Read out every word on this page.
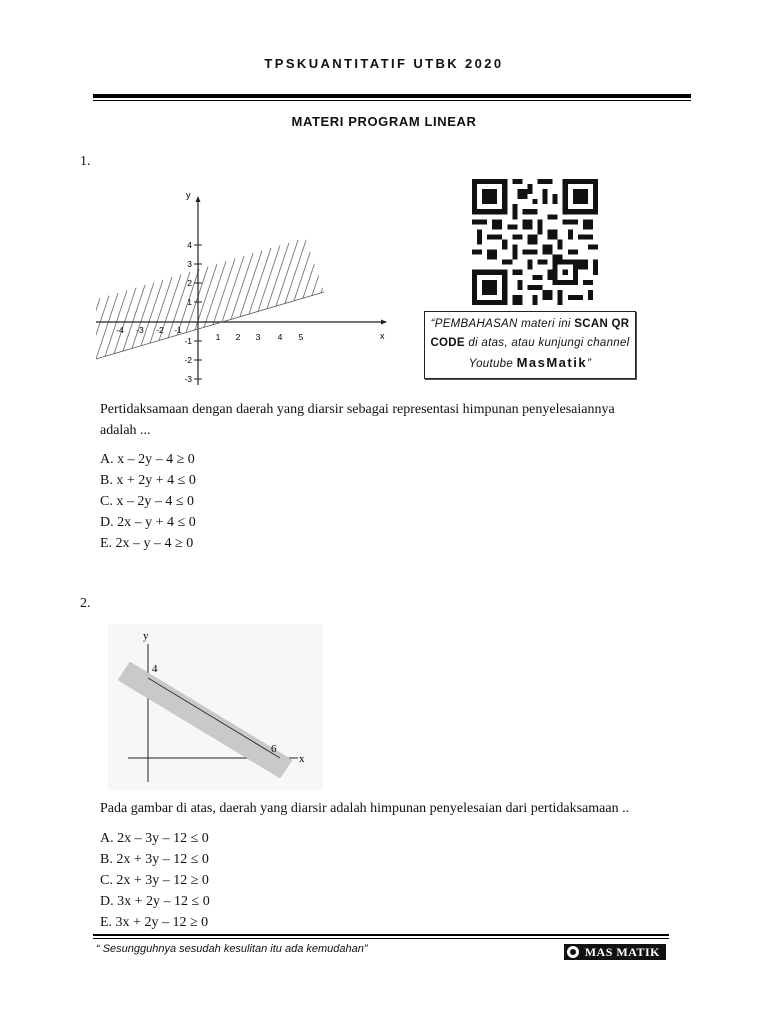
TPSKUANTITATIF UTBK 2020
MATERI PROGRAM LINEAR
1.
y
x
4
3
2
1
-1
-2
-3
-4 -3 -2 -1
1 2 3 4 5
“PEMBAHASAN materi ini SCAN QR CODE di atas, atau kunjungi channel Youtube MasMatik”
Pertidaksamaan dengan daerah yang diarsir sebagai representasi himpunan penyelesaiannya
adalah ...
A. x – 2y – 4 ≥ 0
B. x + 2y + 4 ≤ 0
C. x – 2y – 4 ≤ 0
D. 2x – y + 4 ≤ 0
E. 2x – y – 4 ≥ 0
2.
y
x
4
6
Pada gambar di atas, daerah yang diarsir adalah himpunan penyelesaian dari pertidaksamaan ..
A. 2x – 3y – 12 ≤ 0
B. 2x + 3y – 12 ≤ 0
C. 2x + 3y – 12 ≥ 0
D. 3x + 2y – 12 ≤ 0
E. 3x + 2y – 12 ≥ 0
“ Sesungguhnya sesudah kesulitan itu ada kemudahan”	MAS MATIK
